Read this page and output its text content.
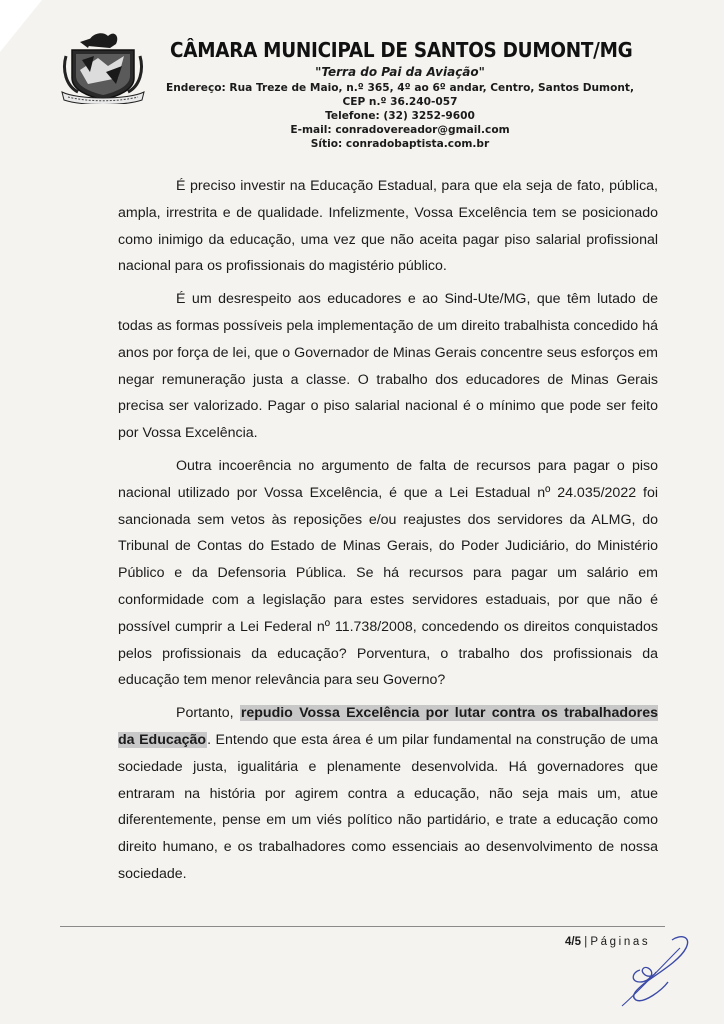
CÂMARA MUNICIPAL DE SANTOS DUMONT/MG
"Terra do Pai da Aviação"
Endereço: Rua Treze de Maio, n.º 365, 4º ao 6º andar, Centro, Santos Dumont,
CEP n.º 36.240-057
Telefone: (32) 3252-9600
E-mail: conradovereador@gmail.com
Sítio: conradobaptista.com.br

É preciso investir na Educação Estadual, para que ela seja de fato, pública, ampla, irrestrita e de qualidade. Infelizmente, Vossa Excelência tem se posicionado como inimigo da educação, uma vez que não aceita pagar piso salarial profissional nacional para os profissionais do magistério público.

É um desrespeito aos educadores e ao Sind-Ute/MG, que têm lutado de todas as formas possíveis pela implementação de um direito trabalhista concedido há anos por força de lei, que o Governador de Minas Gerais concentre seus esforços em negar remuneração justa a classe. O trabalho dos educadores de Minas Gerais precisa ser valorizado. Pagar o piso salarial nacional é o mínimo que pode ser feito por Vossa Excelência.

Outra incoerência no argumento de falta de recursos para pagar o piso nacional utilizado por Vossa Excelência, é que a Lei Estadual nº 24.035/2022 foi sancionada sem vetos às reposições e/ou reajustes dos servidores da ALMG, do Tribunal de Contas do Estado de Minas Gerais, do Poder Judiciário, do Ministério Público e da Defensoria Pública. Se há recursos para pagar um salário em conformidade com a legislação para estes servidores estaduais, por que não é possível cumprir a Lei Federal nº 11.738/2008, concedendo os direitos conquistados pelos profissionais da educação? Porventura, o trabalho dos profissionais da educação tem menor relevância para seu Governo?

Portanto, repudio Vossa Excelência por lutar contra os trabalhadores da Educação. Entendo que esta área é um pilar fundamental na construção de uma sociedade justa, igualitária e plenamente desenvolvida. Há governadores que entraram na história por agirem contra a educação, não seja mais um, atue diferentemente, pense em um viés político não partidário, e trate a educação como direito humano, e os trabalhadores como essenciais ao desenvolvimento de nossa sociedade.

4/5 | Páginas
